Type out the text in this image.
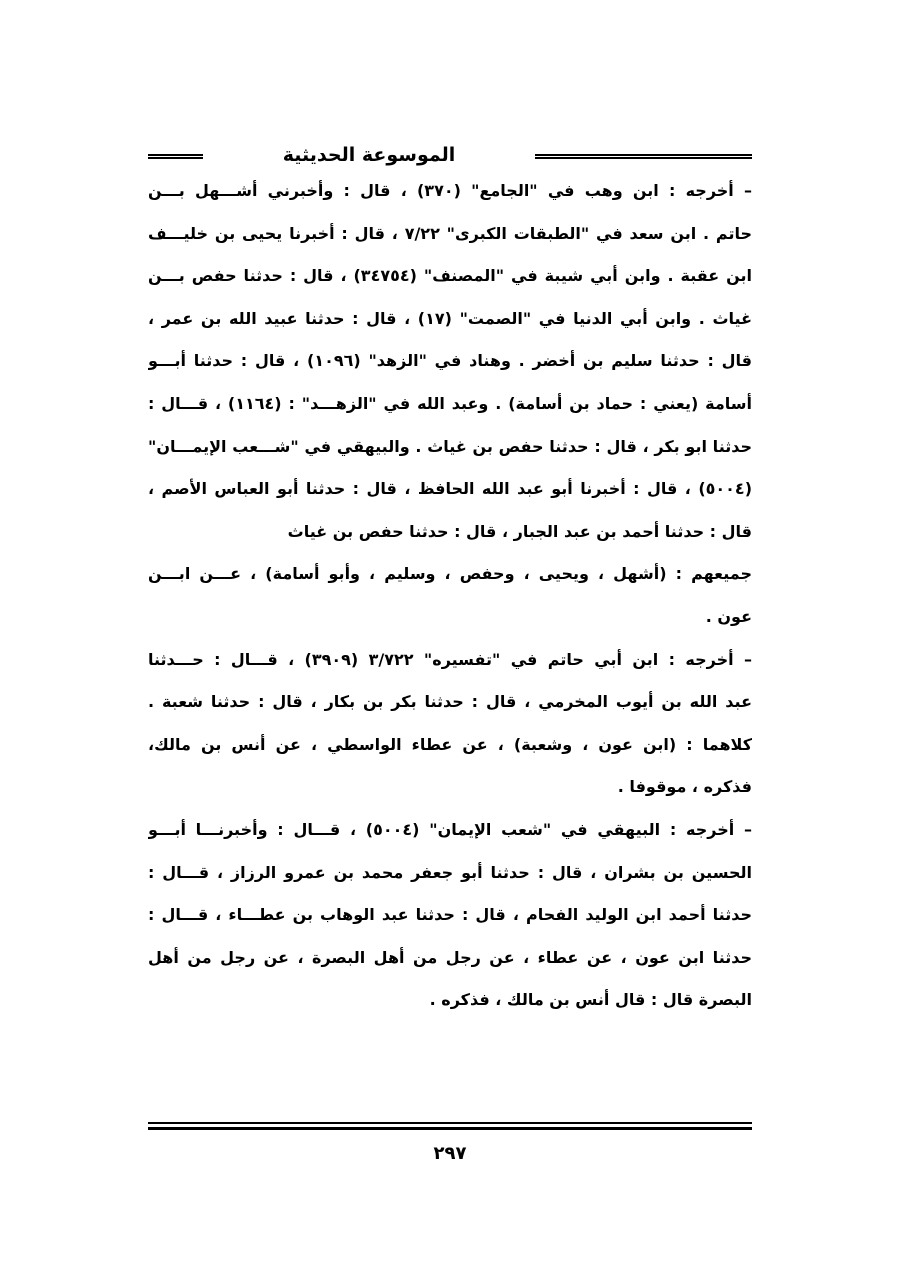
الموسوعة الحديثية
– أخرجه : ابن وهب في "الجامع" (٣٧٠) ، قال : وأخبرني أشـــهل بـــن
حاتم . ابن سعد في "الطبقات الكبرى" ٧/٢٢ ، قال : أخبرنا يحيى بن خليـــف
ابن عقبة . وابن أبي شيبة في "المصنف" (٣٤٧٥٤) ، قال : حدثنا حفص بـــن
غياث . وابن أبي الدنيا في "الصمت" (١٧) ، قال : حدثنا عبيد الله بن عمر ،
قال : حدثنا سليم بن أخضر . وهناد في "الزهد" (١٠٩٦) ، قال : حدثنا أبـــو
أسامة (يعني : حماد بن أسامة) . وعبد الله في "الزهـــد" : (١١٦٤) ، قـــال :
حدثنا ابو بكر ، قال : حدثنا حفص بن غياث . والبيهقي في "شـــعب الإيمـــان"
(٥٠٠٤) ، قال : أخبرنا أبو عبد الله الحافظ ، قال : حدثنا أبو العباس الأصم ،
قال : حدثنا أحمد بن عبد الجبار ، قال : حدثنا حفص بن غياث
جميعهم : (أشهل ، ويحيى ، وحفص ، وسليم ، وأبو أسامة) ، عـــن ابـــن
عون .
– أخرجه : ابن أبي حاتم في "تفسيره" ٣/٧٢٢ (٣٩٠٩) ، قـــال : حـــدثنا
عبد الله بن أيوب المخرمي ، قال : حدثنا بكر بن بكار ، قال : حدثنا شعبة .
كلاهما : (ابن عون ، وشعبة) ، عن عطاء الواسطي ، عن أنس بن مالك،
فذكره ، موقوفا .
– أخرجه : البيهقي في "شعب الإيمان" (٥٠٠٤) ، قـــال : وأخبرنـــا أبـــو
الحسين بن بشران ، قال : حدثنا أبو جعفر محمد بن عمرو الرزاز ، قـــال :
حدثنا أحمد ابن الوليد الفحام ، قال : حدثنا عبد الوهاب بن عطـــاء ، قـــال :
حدثنا ابن عون ، عن عطاء ، عن رجل من أهل البصرة ، عن رجل من أهل
البصرة قال : قال أنس بن مالك ، فذكره .
٢٩٧
